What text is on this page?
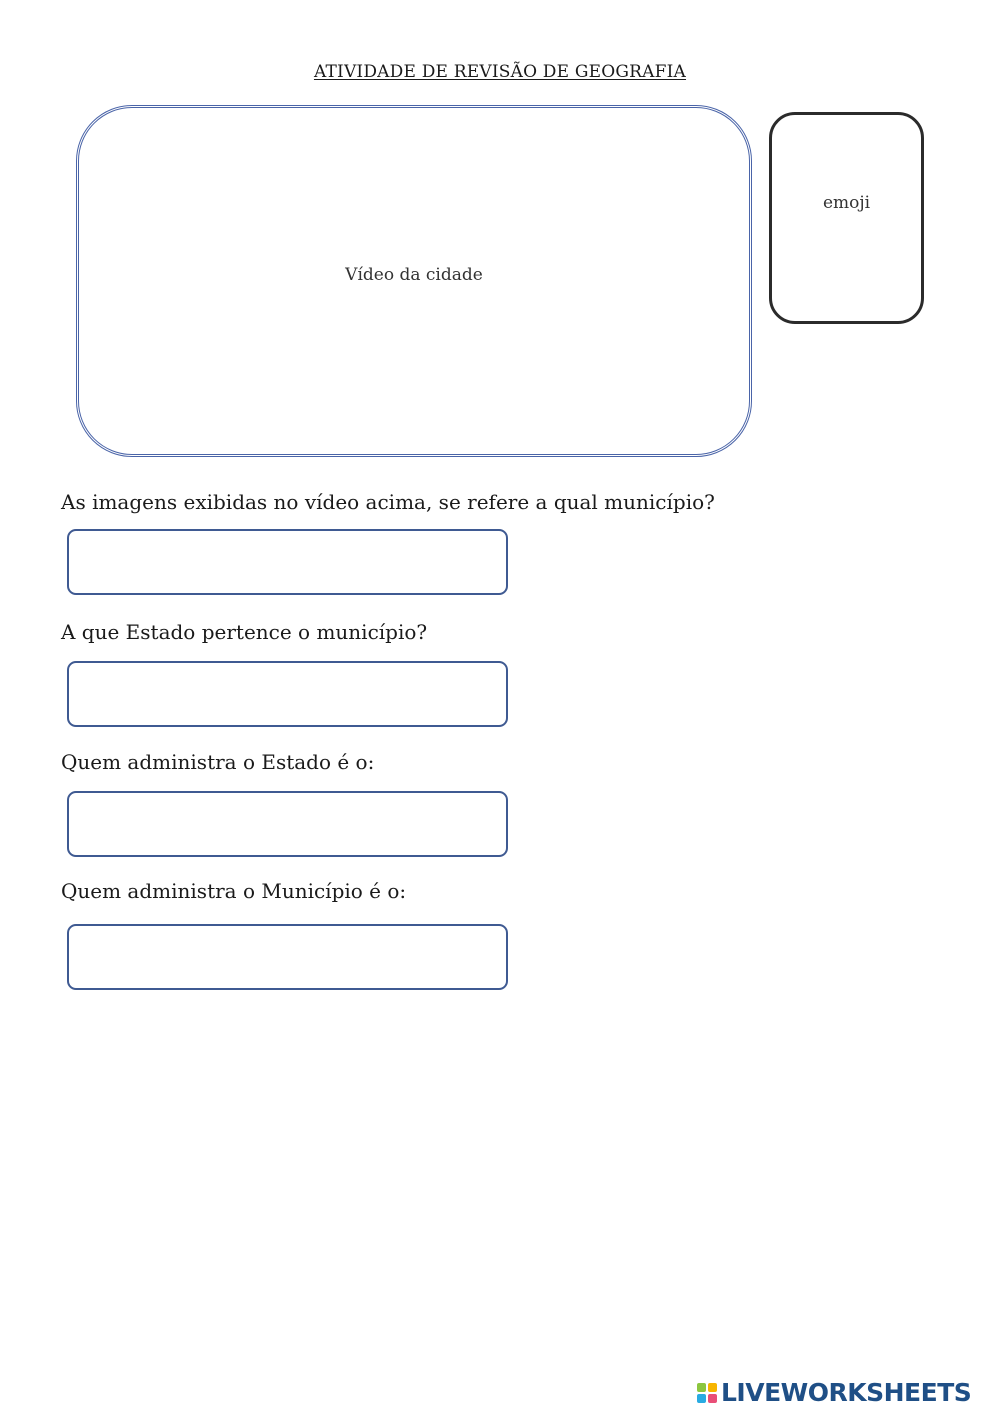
ATIVIDADE DE REVISÃO DE GEOGRAFIA
Vídeo da cidade
emoji
As imagens exibidas no vídeo acima, se refere a qual município?
A que Estado pertence o município?
Quem administra o Estado é o:
Quem administra o Município é o:
LIVEWORKSHEETS
